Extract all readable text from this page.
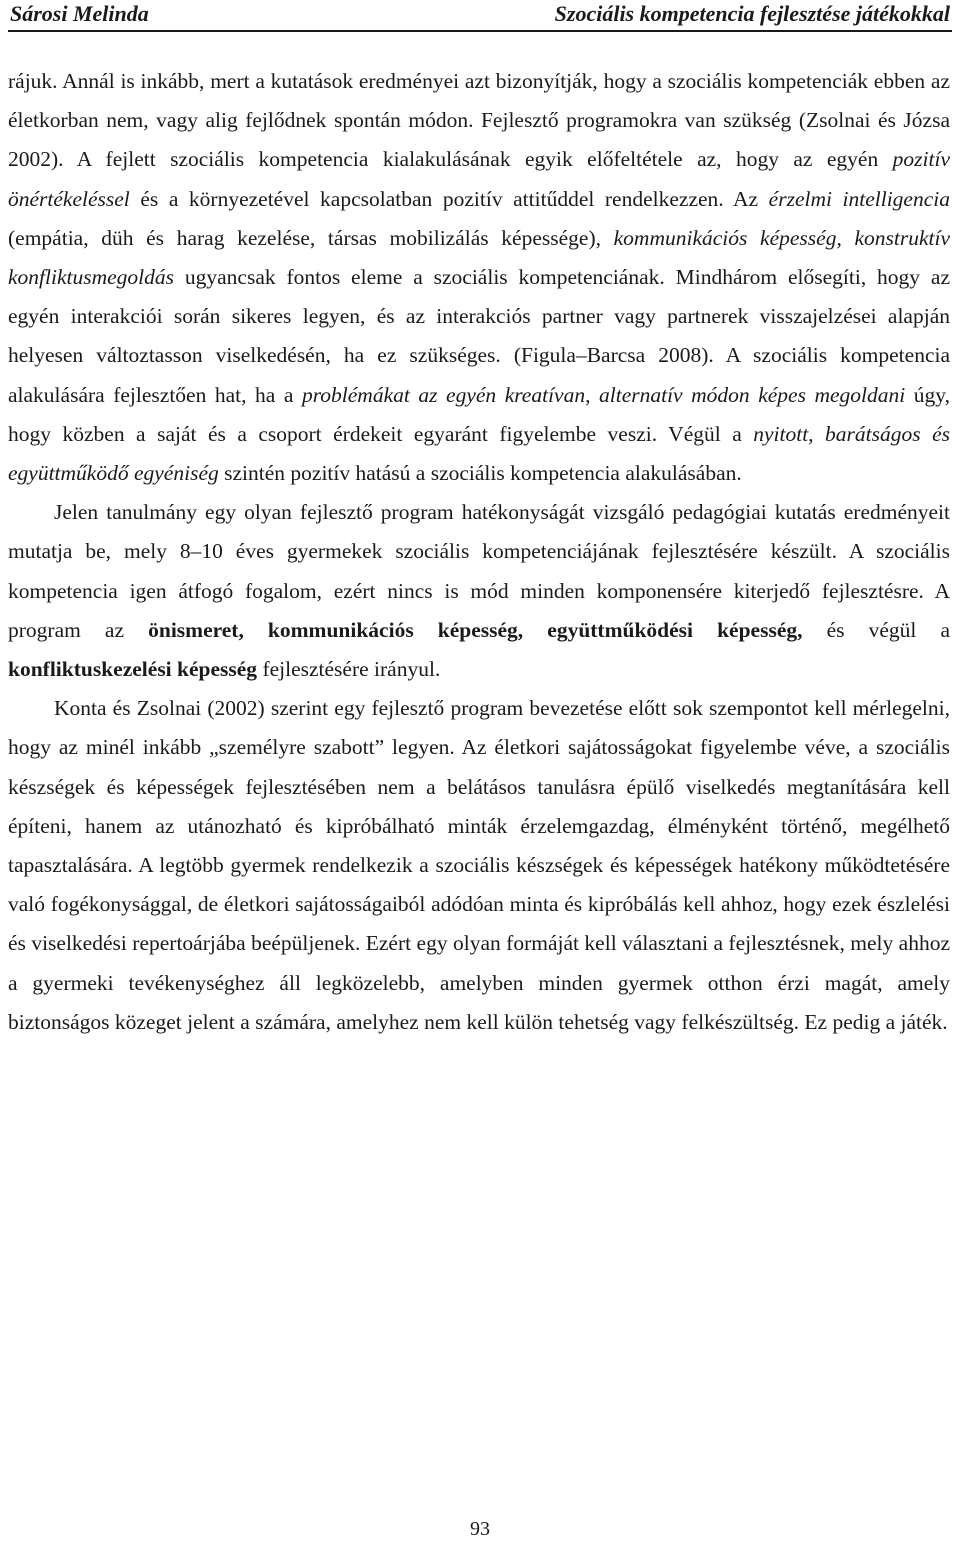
Sárosi Melinda	Szociális kompetencia fejlesztése játékokkal

rájuk. Annál is inkább, mert a kutatások eredményei azt bizonyítják, hogy a szociális kompetenciák ebben az életkorban nem, vagy alig fejlődnek spontán módon. Fejlesztő programokra van szükség (Zsolnai és Józsa 2002). A fejlett szociális kompetencia kialakulásának egyik előfeltétele az, hogy az egyén pozitív önértékeléssel és a környezetével kapcsolatban pozitív attitűddel rendelkezzen. Az érzelmi intelligencia (empátia, düh és harag kezelése, társas mobilizálás képessége), kommunikációs képesség, konstruktív konfliktusmegoldás ugyancsak fontos eleme a szociális kompetenciának. Mindhárom elősegíti, hogy az egyén interakciói során sikeres legyen, és az interakciós partner vagy partnerek visszajelzései alapján helyesen változtasson viselkedésén, ha ez szükséges. (Figula–Barcsa 2008). A szociális kompetencia alakulására fejlesztően hat, ha a problémákat az egyén kreatívan, alternatív módon képes megoldani úgy, hogy közben a saját és a csoport érdekeit egyaránt figyelembe veszi. Végül a nyitott, barátságos és együttműködő egyéniség szintén pozitív hatású a szociális kompetencia alakulásában.

Jelen tanulmány egy olyan fejlesztő program hatékonyságát vizsgáló pedagógiai kutatás eredményeit mutatja be, mely 8–10 éves gyermekek szociális kompetenciájának fejlesztésére készült. A szociális kompetencia igen átfogó fogalom, ezért nincs is mód minden komponensére kiterjedő fejlesztésre. A program az önismeret, kommunikációs képesség, együttműködési képesség, és végül a konfliktuskezelési képesség fejlesztésére irányul.

Konta és Zsolnai (2002) szerint egy fejlesztő program bevezetése előtt sok szempontot kell mérlegelni, hogy az minél inkább „személyre szabott” legyen. Az életkori sajátosságokat figyelembe véve, a szociális készségek és képességek fejlesztésében nem a belátásos tanulásra épülő viselkedés megtanítására kell építeni, hanem az utánozható és kipróbálható minták érzelemgazdag, élményként történő, megélhető tapasztalására. A legtöbb gyermek rendelkezik a szociális készségek és képességek hatékony működtetésére való fogékonysággal, de életkori sajátosságaiból adódóan minta és kipróbálás kell ahhoz, hogy ezek észlelési és viselkedési repertoárjába beépüljenek. Ezért egy olyan formáját kell választani a fejlesztésnek, mely ahhoz a gyermeki tevékenységhez áll legközelebb, amelyben minden gyermek otthon érzi magát, amely biztonságos közeget jelent a számára, amelyhez nem kell külön tehetség vagy felkészültség. Ez pedig a játék.

93
